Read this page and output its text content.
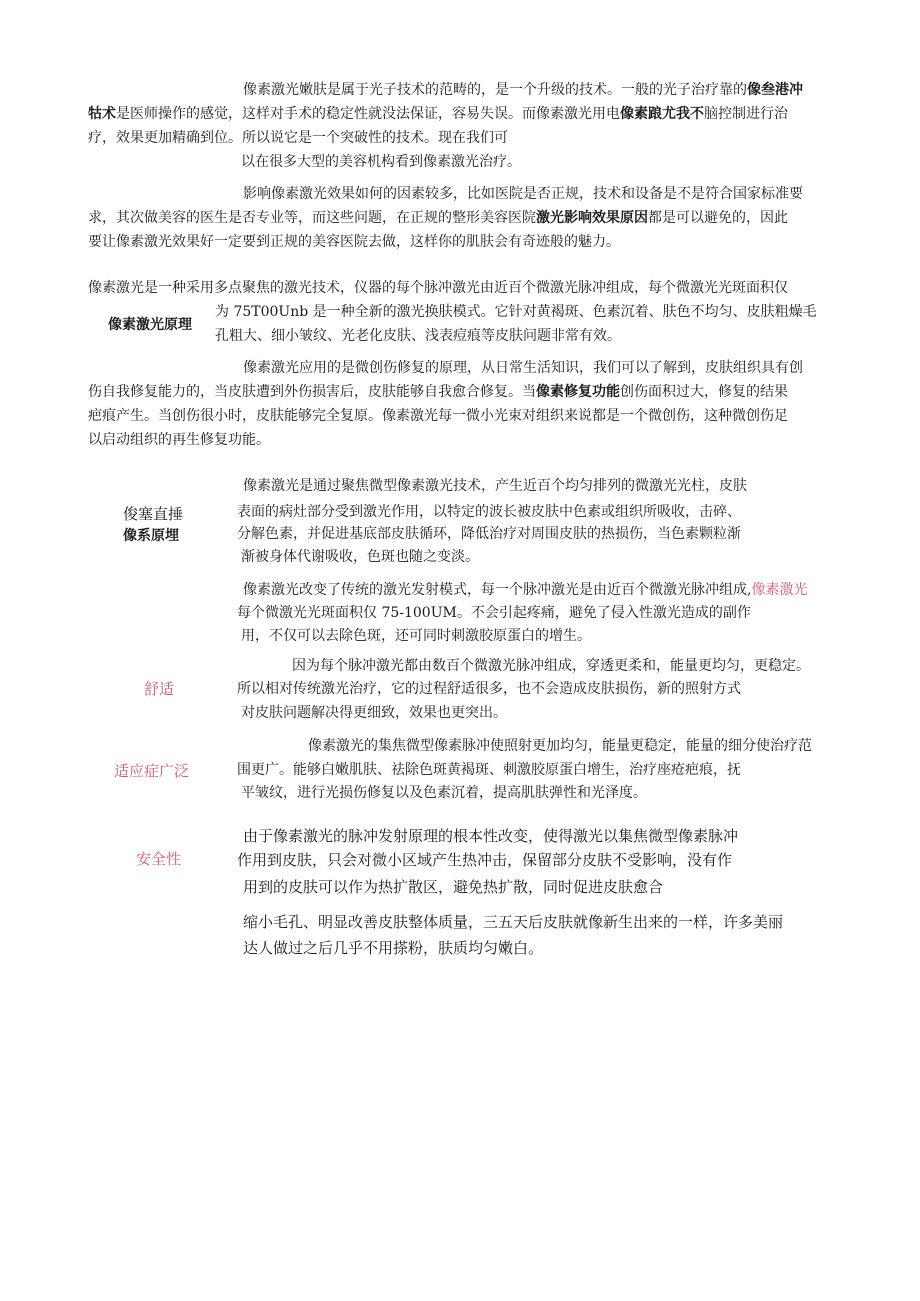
像素激光嫩肤是属于光子技术的范畴的，是一个升级的技术。一般的光子治疗靠的像叁港冲

牯术是医师操作的感觉，这样对手术的稳定性就没法保证，容易失误。而像素激光用电像素踉尤我不脑控制进行治

疗，效果更加精确到位。所以说它是一个突破性的技术。现在我们可

以在很多大型的美容机构看到像素激光治疗。

影响像素激光效果如何的因素较多，比如医院是否正规，技术和设备是不是符合国家标准要

求，其次做美容的医生是否专业等，而这些问题，在正规的整形美容医院激光影响效果原因都是可以避免的，因此

要让像素激光效果好一定要到正规的美容医院去做，这样你的肌肤会有奇迹般的魅力。

像素激光是一种采用多点聚焦的激光技术，仪器的每个脉冲激光由近百个微激光脉冲组成，每个微激光光斑面积仅

像素激光原理

为 75T00Unb 是一种全新的激光换肤模式。它针对黄褐斑、色素沉着、肤色不均匀、皮肤粗燥毛

孔粗大、细小皱纹、光老化皮肤、浅表痘痕等皮肤问题非常有效。

像素激光应用的是微创伤修复的原理，从日常生活知识，我们可以了解到，皮肤组织具有创

伤自我修复能力的，当皮肤遭到外伤损害后，皮肤能够自我愈合修复。当像素修复功能创伤面积过大，修复的结果

疤痕产生。当创伤很小时，皮肤能够完全复原。像素激光每一微小光束对组织来说都是一个微创伤，这种微创伤足

以启动组织的再生修复功能。

俊塞直捶
像系原埋

像素激光是通过聚焦微型像素激光技术，产生近百个均匀排列的微激光光柱，皮肤

表面的病灶部分受到激光作用，以特定的波长被皮肤中色素或组织所吸收，击碎、

分解色素，并促进基底部皮肤循环，降低治疗对周围皮肤的热损伤，当色素颗粒渐

渐被身体代谢吸收，色斑也随之变淡。

像素激光改变了传统的激光发射模式，每一个脉冲激光是由近百个微激光脉冲组成,像素激光

每个微激光光斑面积仅 75-100UM。不会引起疼痛，避免了侵入性激光造成的副作

用，不仅可以去除色斑，还可同时刺激胶原蛋白的增生。

舒适

因为每个脉冲激光都由数百个微激光脉冲组成，穿透更柔和，能量更均匀，更稳定。

所以相对传统激光治疗，它的过程舒适很多，也不会造成皮肤损伤，新的照射方式

对皮肤问题解决得更细致，效果也更突出。

适应症广泛

像素激光的集焦微型像素脉冲使照射更加均匀，能量更稳定，能量的细分使治疗范

围更广。能够白嫩肌肤、祛除色斑黄褐斑、刺激胶原蛋白增生，治疗座疮疤痕，抚

平皱纹，进行光损伤修复以及色素沉着，提高肌肤弹性和光泽度。

安全性

由于像素激光的脉冲发射原理的根本性改变，使得激光以集焦微型像素脉冲

作用到皮肤，只会对微小区域产生热冲击，保留部分皮肤不受影响，没有作

用到的皮肤可以作为热扩散区，避免热扩散，同时促进皮肤愈合

缩小毛孔、明显改善皮肤整体质量，三五天后皮肤就像新生出来的一样，许多美丽

达人做过之后几乎不用搽粉，肤质均匀嫩白。
